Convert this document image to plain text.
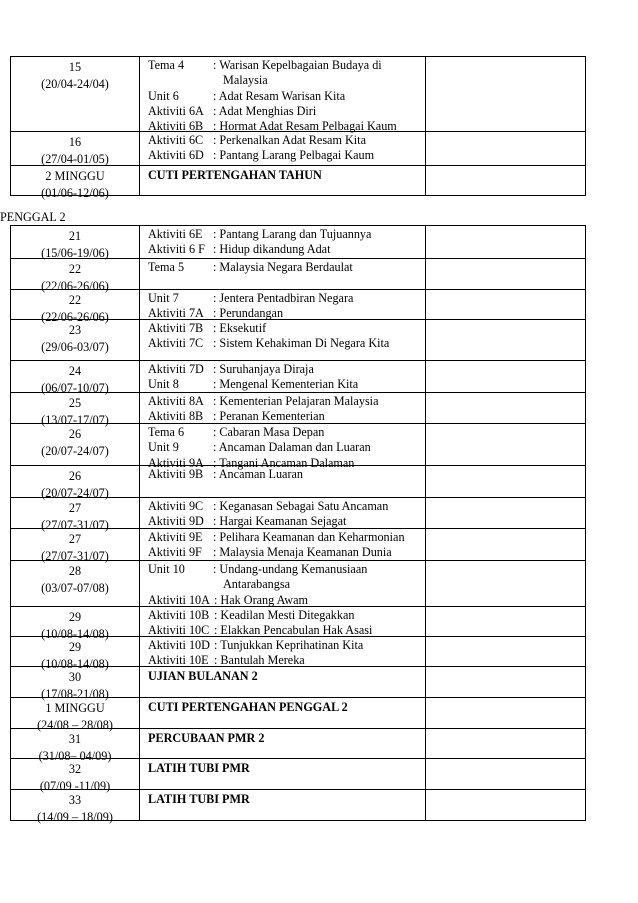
PENGGAL 2
15
(20/04-24/04)
Tema 4	: Warisan Kepelbagaian Budaya di
Malaysia
Unit 6	: Adat Resam Warisan Kita
Aktiviti 6A : Adat Menghias Diri
Aktiviti 6B : Hormat Adat Resam Pelbagai Kaum
16
(27/04-01/05)
Aktiviti 6C : Perkenalkan Adat Resam Kita
Aktiviti 6D : Pantang Larang Pelbagai Kaum
2 MINGGU
(01/06-12/06)
CUTI PERTENGAHAN TAHUN
21
(15/06-19/06)
Aktiviti 6E : Pantang Larang dan Tujuannya
Aktiviti 6 F : Hidup dikandung Adat
22
(22/06-26/06)
Tema 5	: Malaysia Negara Berdaulat
22
(22/06-26/06)
Unit 7	: Jentera Pentadbiran Negara
Aktiviti 7A : Perundangan
23
(29/06-03/07)
Aktiviti 7B : Eksekutif
Aktiviti 7C : Sistem Kehakiman Di Negara Kita
24
(06/07-10/07)
Aktiviti 7D : Suruhanjaya Diraja
Unit 8	: Mengenal Kementerian Kita
25
(13/07-17/07)
Aktiviti 8A : Kementerian Pelajaran Malaysia
Aktiviti 8B : Peranan Kementerian
26
(20/07-24/07)
Tema 6	: Cabaran Masa Depan
Unit 9	: Ancaman Dalaman dan Luaran
Aktiviti 9A : Tangani Ancaman Dalaman
26
(20/07-24/07)
Aktiviti 9B : Ancaman Luaran
27
(27/07-31/07)
Aktiviti 9C : Keganasan Sebagai Satu Ancaman
Aktiviti 9D : Hargai Keamanan Sejagat
27
(27/07-31/07)
Aktiviti 9E : Pelihara Keamanan dan Keharmonian
Aktiviti 9F : Malaysia Menaja Keamanan Dunia
28
(03/07-07/08)
Unit 10	: Undang-undang Kemanusiaan
Antarabangsa
Aktiviti 10A : Hak Orang Awam
29
(10/08-14/08)
Aktiviti 10B : Keadilan Mesti Ditegakkan
Aktiviti 10C : Elakkan Pencabulan Hak Asasi
29
(10/08-14/08)
Aktiviti 10D : Tunjukkan Keprihatinan Kita
Aktiviti 10E : Bantulah Mereka
30
(17/08-21/08)
UJIAN BULANAN 2
1 MINGGU
(24/08 – 28/08)
CUTI PERTENGAHAN PENGGAL 2
31
(31/08– 04/09)
PERCUBAAN PMR 2
32
(07/09 -11/09)
LATIH TUBI PMR
33
(14/09 – 18/09)
LATIH TUBI PMR
